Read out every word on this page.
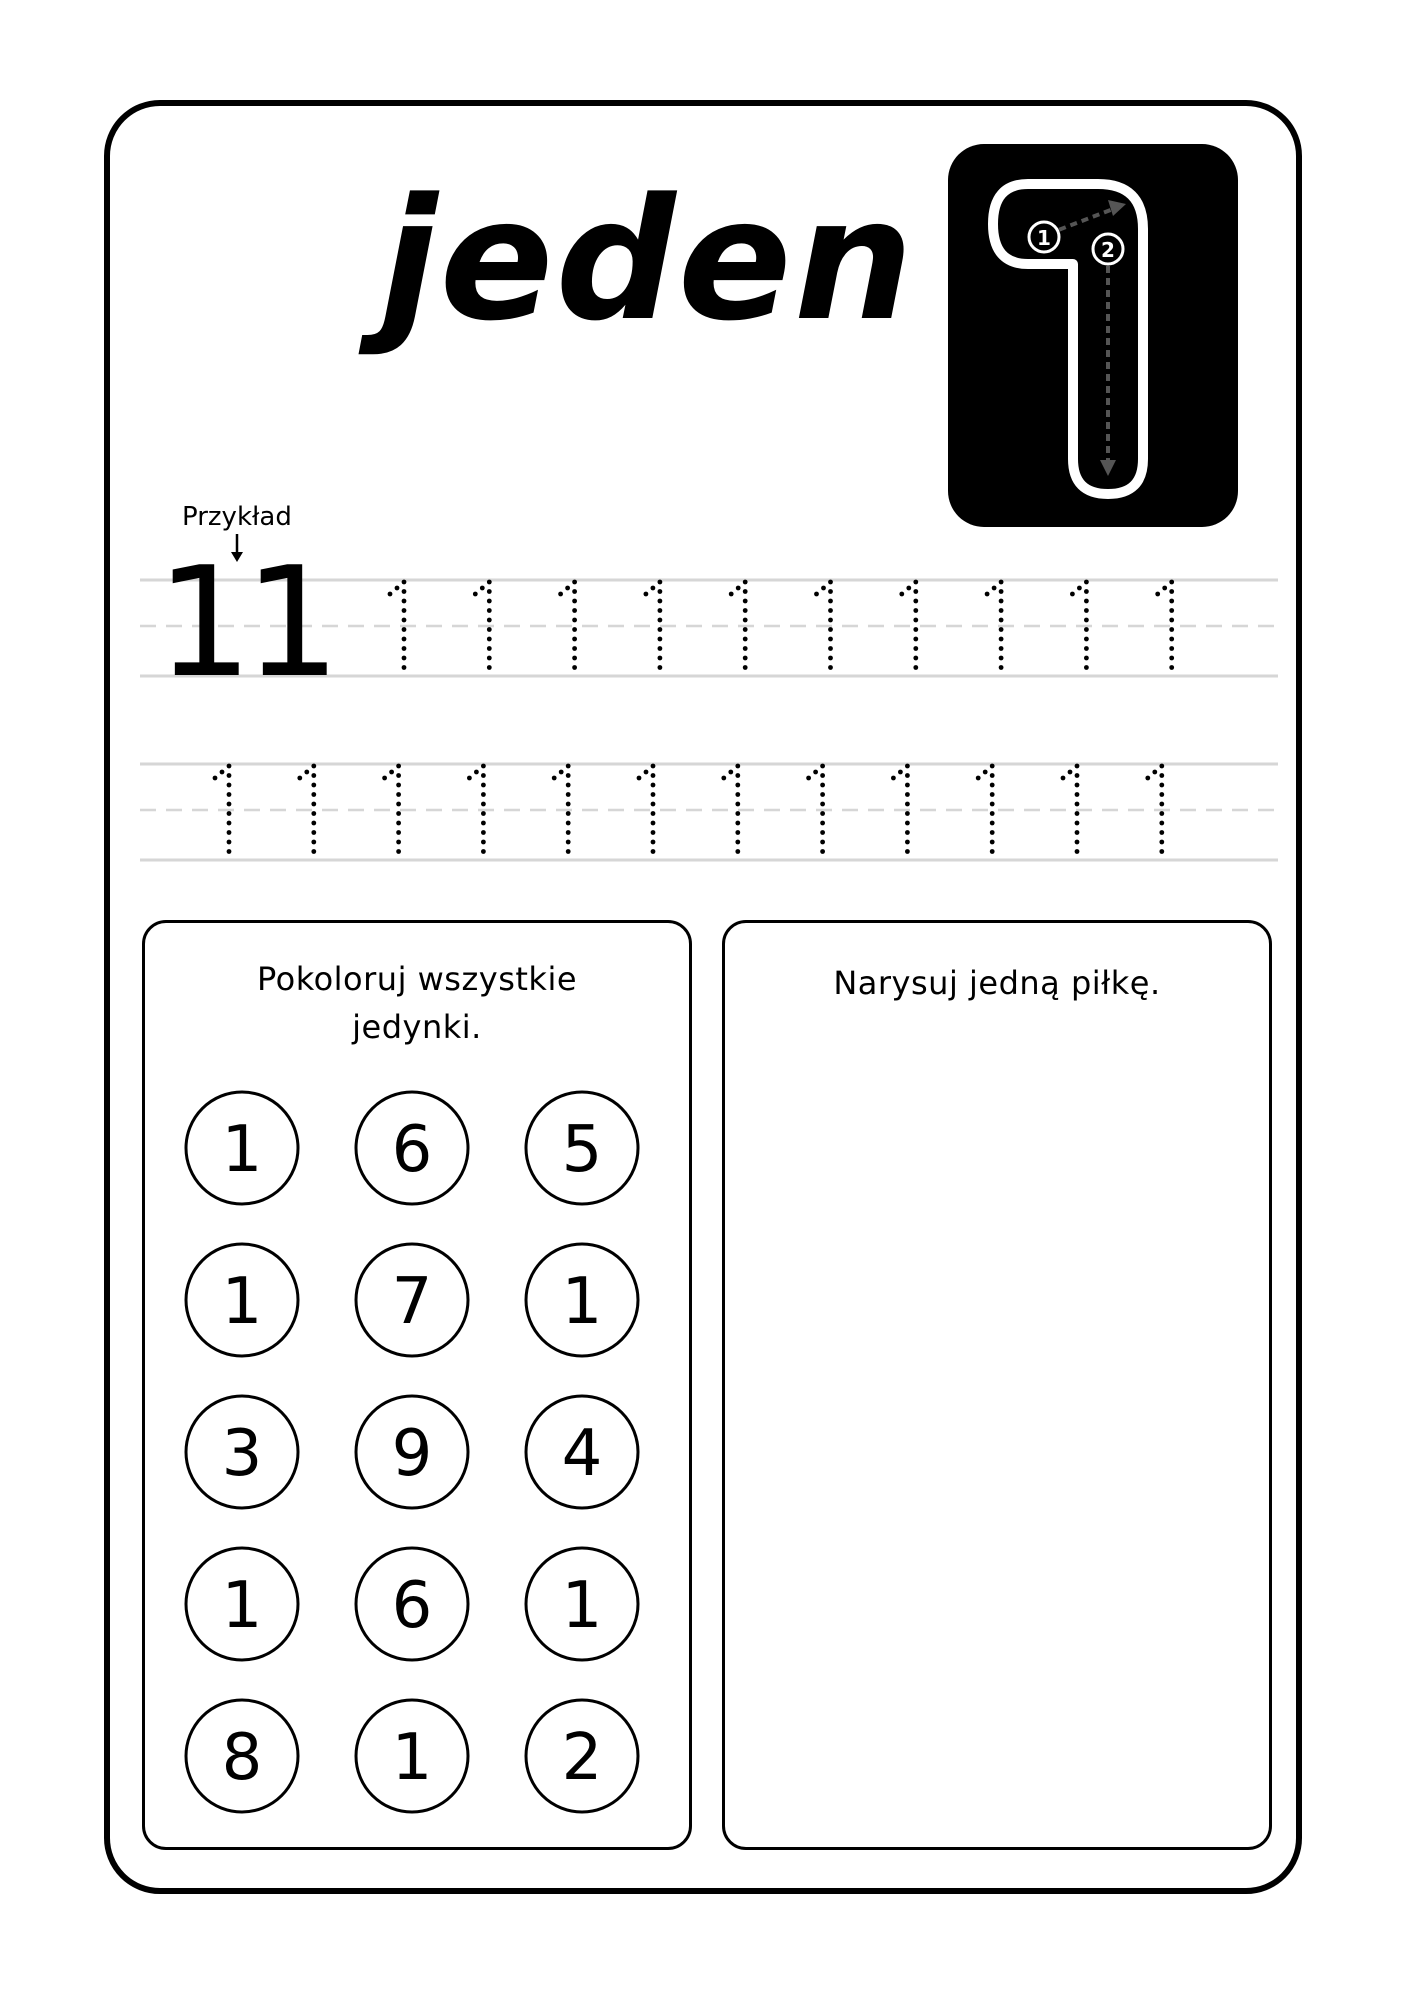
jeden	1	2
Przykład
1
1
Pokoloruj wszystkie
jedynki.
1 6 5
1 7 1
3 9 4
1 6 1
8 1 2
Narysuj jedną piłkę.
